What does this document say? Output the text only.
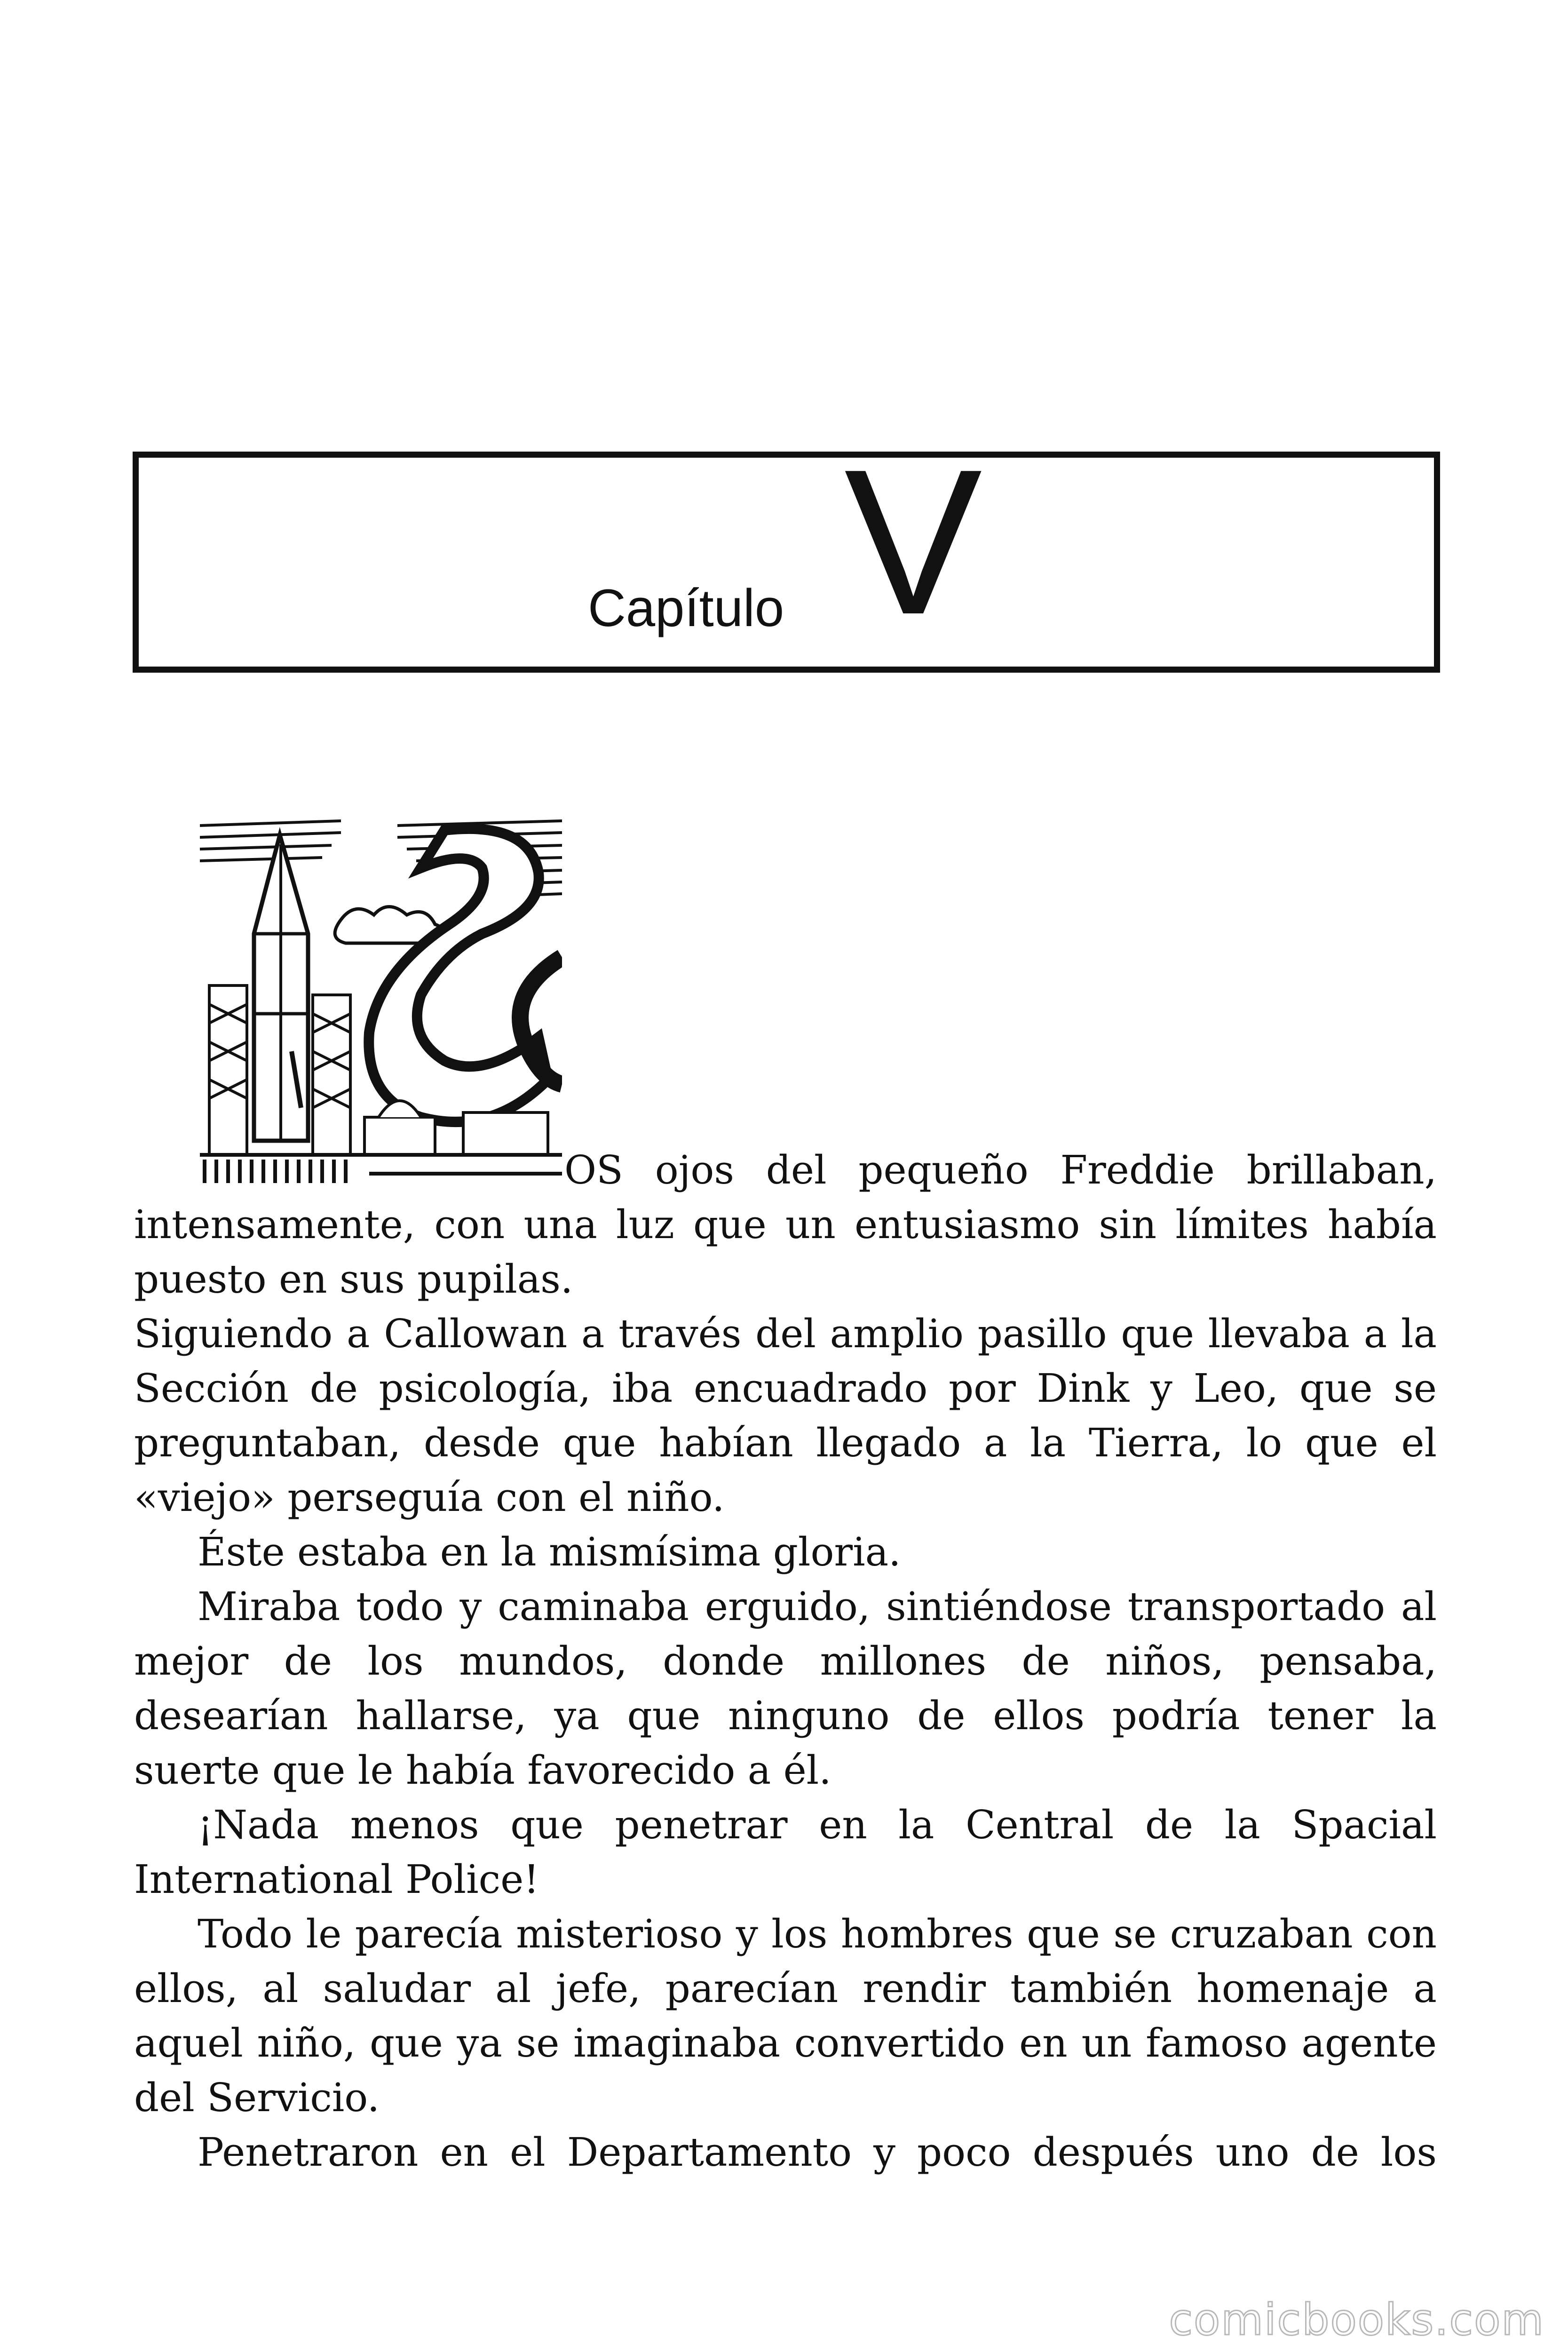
Capítulo V

OS ojos del pequeño Freddie brillaban,

intensamente, con una luz que un entusiasmo sin límites había puesto en sus pupilas.

Siguiendo a Callowan a través del amplio pasillo que llevaba a la Sección de psicología, iba encuadrado por Dink y Leo, que se preguntaban, desde que habían llegado a la Tierra, lo que el «viejo» perseguía con el niño.

Éste estaba en la mismísima gloria.

Miraba todo y caminaba erguido, sintiéndose transportado al mejor de los mundos, donde millones de niños, pensaba, desearían hallarse, ya que ninguno de ellos podría tener la suerte que le había favorecido a él.

¡Nada menos que penetrar en la Central de la Spacial International Police!

Todo le parecía misterioso y los hombres que se cruzaban con ellos, al saludar al jefe, parecían rendir también homenaje a aquel niño, que ya se imaginaba convertido en un famoso agente del Servicio.

Penetraron en el Departamento y poco después uno de los

comicbooks.com
